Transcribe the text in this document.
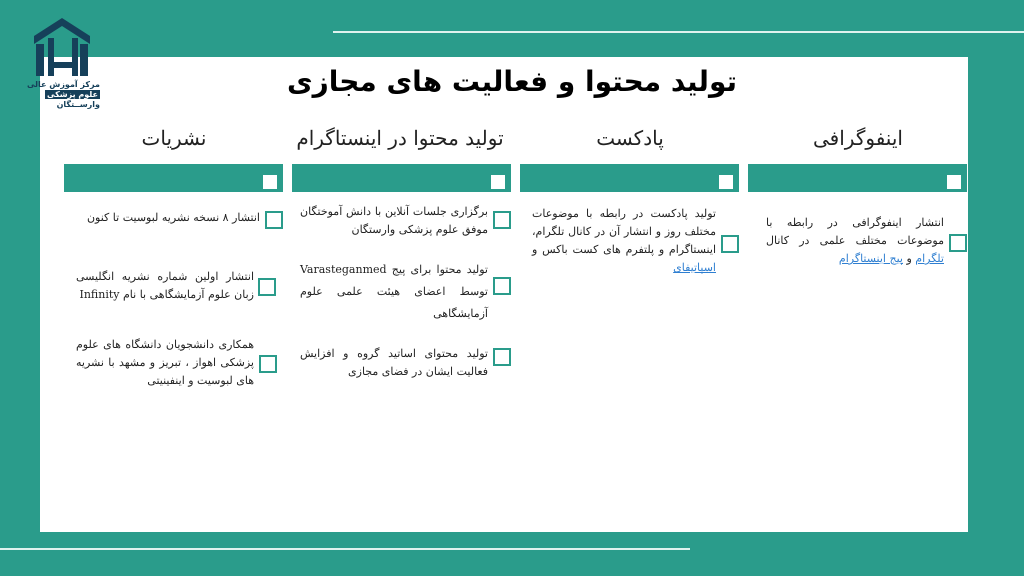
مرکز آموزش عالی
علوم پزشکی
وارســتگان
تولید محتوا و فعالیت های مجازی
اینفوگرافی
پادکست
تولید محتوا در اینستاگرام
نشریات
انتشار اینفوگرافی در رابطه با موضوعات مختلف علمی در کانال تلگرام و پیج اینستاگرام
تولید پادکست در رابطه با موضوعات مختلف روز و انتشار آن در کانال تلگرام، اینستاگرام و پلتفرم های کست باکس و اسپاتیفای
برگزاری جلسات آنلاین با دانش آموختگان موفق علوم پزشکی وارستگان
تولید محتوا برای پیج Varasteganmed توسط اعضای هیئت علمی علوم آزمایشگاهی
تولید محتوای اساتید گروه و افزایش فعالیت ایشان در فضای مجازی
انتشار ۸ نسخه نشریه لبوسیت تا کنون
انتشار اولین شماره نشریه انگلیسی زبان علوم آزمایشگاهی با نام Infinity
همکاری دانشجویان دانشگاه های علوم پزشکی اهواز ، تبریز و مشهد با نشریه های لبوسیت و اینفینیتی
